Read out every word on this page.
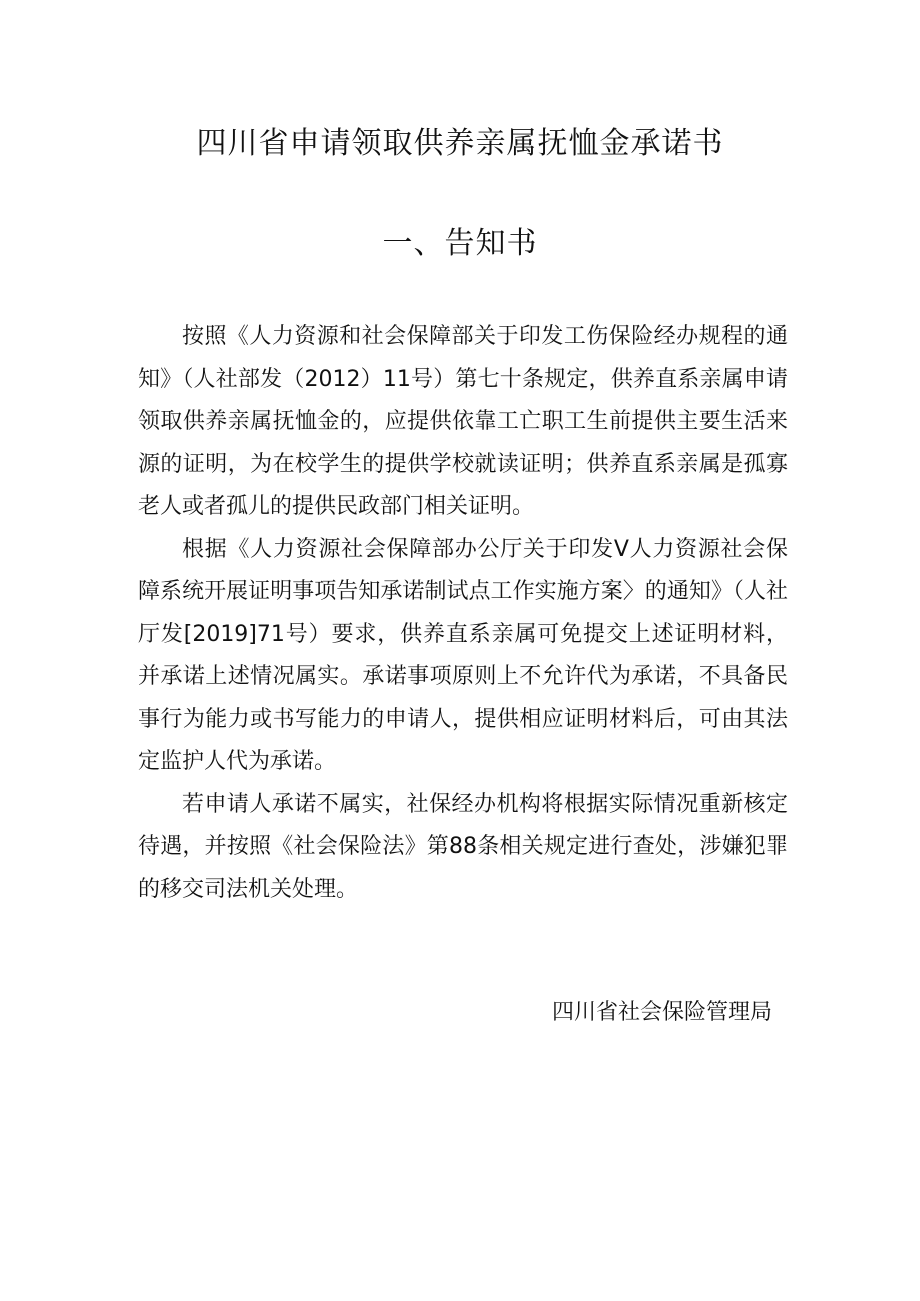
四川省申请领取供养亲属抚恤金承诺书
一、告知书

按照《人力资源和社会保障部关于印发工伤保险经办规程的通知》（人社部发（2012）11号）第七十条规定，供养直系亲属申请领取供养亲属抚恤金的，应提供依靠工亡职工生前提供主要生活来源的证明，为在校学生的提供学校就读证明；供养直系亲属是孤寡老人或者孤儿的提供民政部门相关证明。

根据《人力资源社会保障部办公厅关于印发V人力资源社会保障系统开展证明事项告知承诺制试点工作实施方案〉的通知》（人社厅发[2019]71号）要求，供养直系亲属可免提交上述证明材料，并承诺上述情况属实。承诺事项原则上不允许代为承诺，不具备民事行为能力或书写能力的申请人，提供相应证明材料后，可由其法定监护人代为承诺。

若申请人承诺不属实，社保经办机构将根据实际情况重新核定待遇，并按照《社会保险法》第88条相关规定进行查处，涉嫌犯罪的移交司法机关处理。

四川省社会保险管理局
